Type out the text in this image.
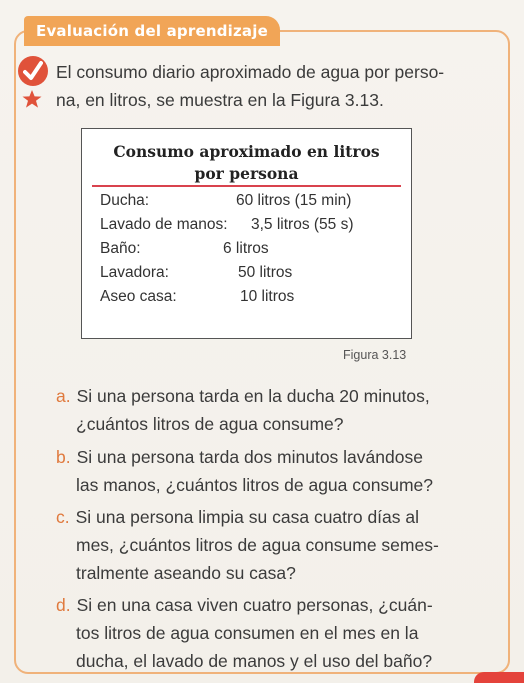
Evaluación del aprendizaje
El consumo diario aproximado de agua por perso-
na, en litros, se muestra en la Figura 3.13.
Consumo aproximado en litros
por persona
Ducha:	60 litros (15 min)
Lavado de manos: 3,5 litros (55 s)
Baño:	6 litros
Lavadora:	50 litros
Aseo casa:	10 litros
Figura 3.13
a. Si una persona tarda en la ducha 20 minutos,
¿cuántos litros de agua consume?
b. Si una persona tarda dos minutos lavándose
las manos, ¿cuántos litros de agua consume?
c. Si una persona limpia su casa cuatro días al
mes, ¿cuántos litros de agua consume semes-
tralmente aseando su casa?
d. Si en una casa viven cuatro personas, ¿cuán-
tos litros de agua consumen en el mes en la
ducha, el lavado de manos y el uso del baño?
